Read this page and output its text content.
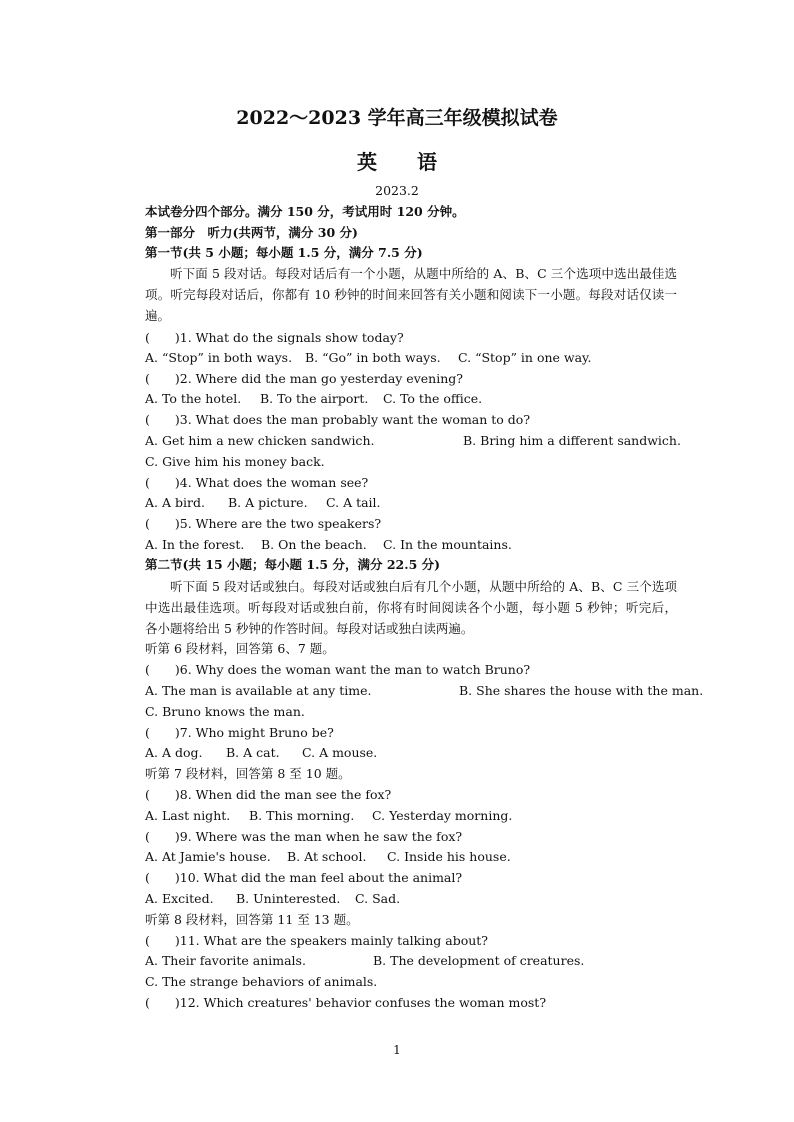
2022～2023 学年高三年级模拟试卷
英　　语
2023.2
本试卷分四个部分。满分 150 分，考试用时 120 分钟。
第一部分　听力(共两节，满分 30 分)
第一节(共 5 小题；每小题 1.5 分，满分 7.5 分)
听下面 5 段对话。每段对话后有一个小题，从题中所给的 A、B、C 三个选项中选出最佳选项。听完每段对话后，你都有 10 秒钟的时间来回答有关小题和阅读下一小题。每段对话仅读一遍。
(　　)1. What do the signals show today?
A. “Stop” in both ways. B. “Go” in both ways. C. “Stop” in one way.
(　　)2. Where did the man go yesterday evening?
A. To the hotel. B. To the airport. C. To the office.
(　　)3. What does the man probably want the woman to do?
A. Get him a new chicken sandwich.	B. Bring him a different sandwich.
C. Give him his money back.
(　　)4. What does the woman see?
A. A bird. B. A picture. C. A tail.
(　　)5. Where are the two speakers?
A. In the forest. B. On the beach. C. In the mountains.
第二节(共 15 小题；每小题 1.5 分，满分 22.5 分)
听下面 5 段对话或独白。每段对话或独白后有几个小题，从题中所给的 A、B、C 三个选项 中选出最佳选项。听每段对话或独白前，你将有时间阅读各个小题，每小题 5 秒钟；听完后， 各小题将给出 5 秒钟的作答时间。每段对话或独白读两遍。
听第 6 段材料，回答第 6、7 题。
(　　)6. Why does the woman want the man to watch Bruno?
A. The man is available at any time.	B. She shares the house with the man.
C. Bruno knows the man.
(　　)7. Who might Bruno be?
A. A dog. B. A cat. C. A mouse.
听第 7 段材料，回答第 8 至 10 题。
(　　)8. When did the man see the fox?
A. Last night. B. This morning. C. Yesterday morning.
(　　)9. Where was the man when he saw the fox?
A. At Jamie's house. B. At school. C. Inside his house.
(　　)10. What did the man feel about the animal?
A. Excited. B. Uninterested. C. Sad.
听第 8 段材料，回答第 11 至 13 题。
(　　)11. What are the speakers mainly talking about?
A. Their favorite animals.	B. The development of creatures.
C. The strange behaviors of animals.
(　　)12. Which creatures' behavior confuses the woman most?
1
